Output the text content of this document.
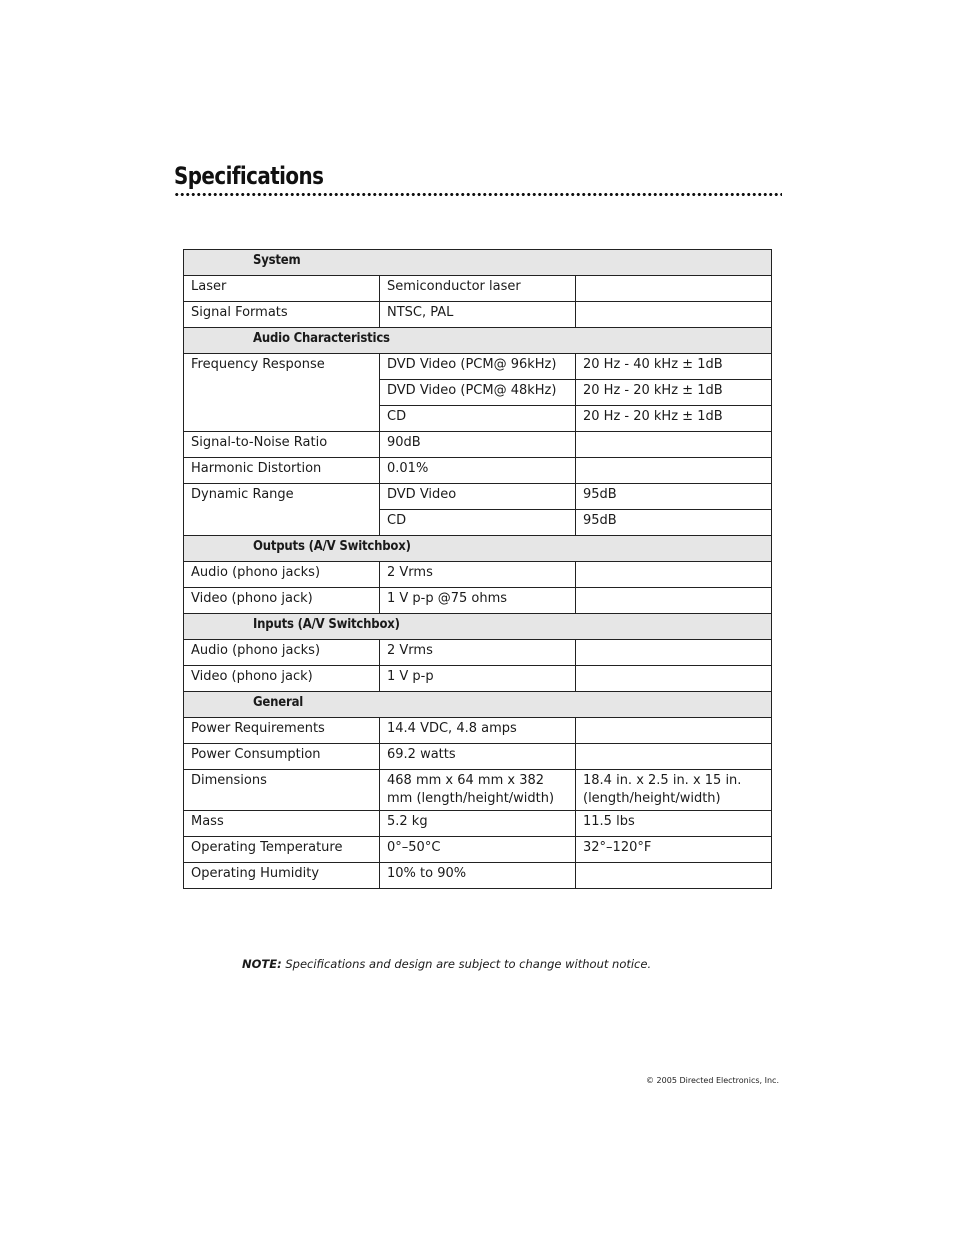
Specifications
System		
Laser	Semiconductor laser	
Signal Formats	NTSC, PAL	
Audio Characteristics		
Frequency Response	DVD Video (PCM@ 96kHz)	20 Hz - 40 kHz ± 1dB
	DVD Video (PCM@ 48kHz)	20 Hz - 20 kHz ± 1dB
	CD	20 Hz - 20 kHz ± 1dB
Signal-to-Noise Ratio	90dB	
Harmonic Distortion	0.01%	
Dynamic Range	DVD Video	95dB
	CD	95dB
Outputs (A/V Switchbox)		
Audio (phono jacks)	2 Vrms	
Video (phono jack)	1 V p-p @75 ohms	
Inputs (A/V Switchbox)		
Audio (phono jacks)	2 Vrms	
Video (phono jack)	1 V p-p	
General		
Power Requirements	14.4 VDC, 4.8 amps	
Power Consumption	69.2 watts	
Dimensions	468 mm x 64 mm x 382 mm (length/height/width)	18.4 in. x 2.5 in. x 15 in. (length/height/width)
Mass	5.2 kg	11.5 lbs
Operating Temperature	0°–50°C	32°–120°F
Operating Humidity	10% to 90%	
NOTE: Specifications and design are subject to change without notice.
© 2005 Directed Electronics, Inc.
